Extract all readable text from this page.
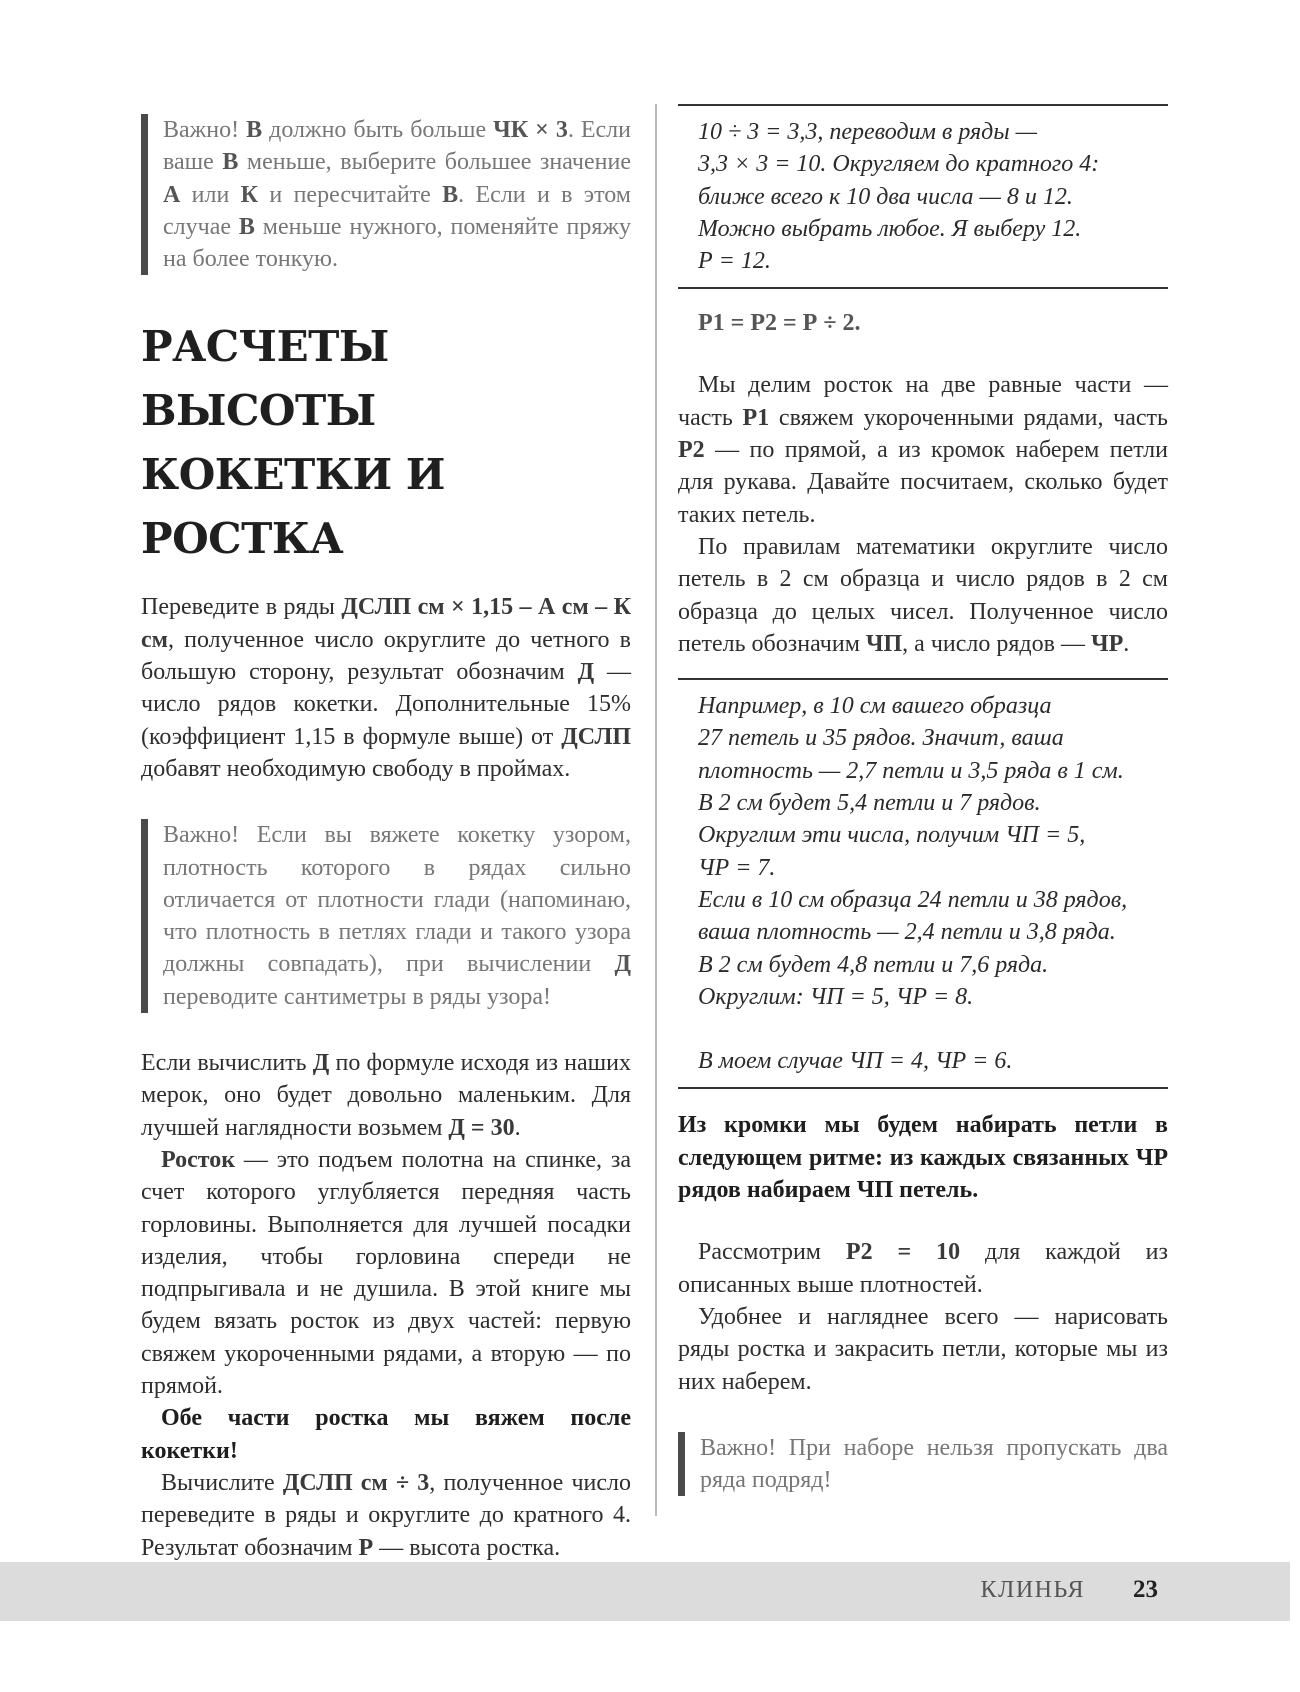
Важно! В должно быть больше ЧК × 3. Если ваше В меньше, выберите большее значение А или К и пересчитайте В. Если и в этом случае В меньше нужного, поменяйте пряжу на более тонкую.
РАСЧЕТЫ ВЫСОТЫ
КОКЕТКИ И РОСТКА

Переведите в ряды ДСЛП см × 1,15 – А см – К см, полученное число округлите до четного в большую сторону, результат обозначим Д — число рядов кокетки. Дополнительные 15% (коэффициент 1,15 в формуле выше) от ДСЛП добавят необходимую свободу в проймах.

Важно! Если вы вяжете кокетку узором, плотность которого в рядах сильно отличается от плотности глади (напоминаю, что плотность в петлях глади и такого узора должны совпадать), при вычислении Д переводите сантиметры в ряды узора!

Если вычислить Д по формуле исходя из наших мерок, оно будет довольно маленьким. Для лучшей наглядности возьмем Д = 30.

Росток — это подъем полотна на спинке, за счет которого углубляется передняя часть горловины. Выполняется для лучшей посадки изделия, чтобы горловина спереди не подпрыгивала и не душила. В этой книге мы будем вязать росток из двух частей: первую свяжем укороченными рядами, а вторую — по прямой.

Обе части ростка мы вяжем после кокетки!

Вычислите ДСЛП см ÷ 3, полученное число переведите в ряды и округлите до кратного 4. Результат обозначим Р — высота ростка.

10 ÷ 3 = 3,3, переводим в ряды —
3,3 × 3 = 10. Округляем до кратного 4:
ближе всего к 10 два числа — 8 и 12.
Можно выбрать любое. Я выберу 12.
Р = 12.
Р1 = Р2 = Р ÷ 2.

Мы делим росток на две равные части — часть Р1 свяжем укороченными рядами, часть Р2 — по прямой, а из кромок наберем петли для рукава. Давайте посчитаем, сколько будет таких петель.

По правилам математики округлите число петель в 2 см образца и число рядов в 2 см образца до целых чисел. Полученное число петель обозначим ЧП, а число рядов — ЧР.

Например, в 10 см вашего образца
27 петель и 35 рядов. Значит, ваша
плотность — 2,7 петли и 3,5 ряда в 1 см.
В 2 см будет 5,4 петли и 7 рядов.
Округлим эти числа, получим ЧП = 5,
ЧР = 7.
Если в 10 см образца 24 петли и 38 рядов,
ваша плотность — 2,4 петли и 3,8 ряда.
В 2 см будет 4,8 петли и 7,6 ряда.
Округлим: ЧП = 5, ЧР = 8.
В моем случае ЧП = 4, ЧР = 6.

Из кромки мы будем набирать петли в следующем ритме: из каждых связанных ЧР рядов набираем ЧП петель.

Рассмотрим Р2 = 10 для каждой из описанных выше плотностей.

Удобнее и нагляднее всего — нарисовать ряды ростка и закрасить петли, которые мы из них наберем.

Важно! При наборе нельзя пропускать два ряда подряд!
КЛИНЬЯ 23
